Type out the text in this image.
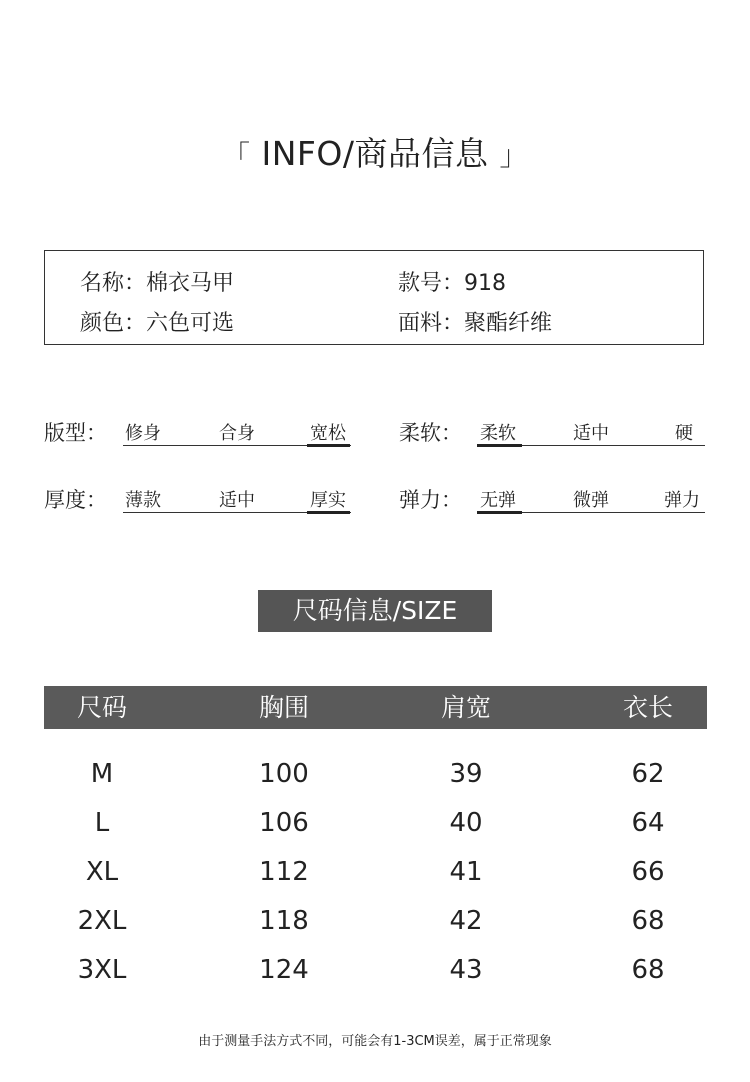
「 INFO/商品信息 」
名称：棉衣马甲	款号：918
颜色：六色可选	面料：聚酯纤维
版型： 修身	合身	宽松	柔软： 柔软	适中	硬
厚度： 薄款	适中	厚实	弹力： 无弹	微弹	弹力
尺码信息/SIZE
尺码	胸围	肩宽	衣长
M	100	39	62
L	106	40	64
XL	112	41	66
2XL	118	42	68
3XL	124	43	68
由于测量手法方式不同，可能会有1-3CM误差，属于正常现象
